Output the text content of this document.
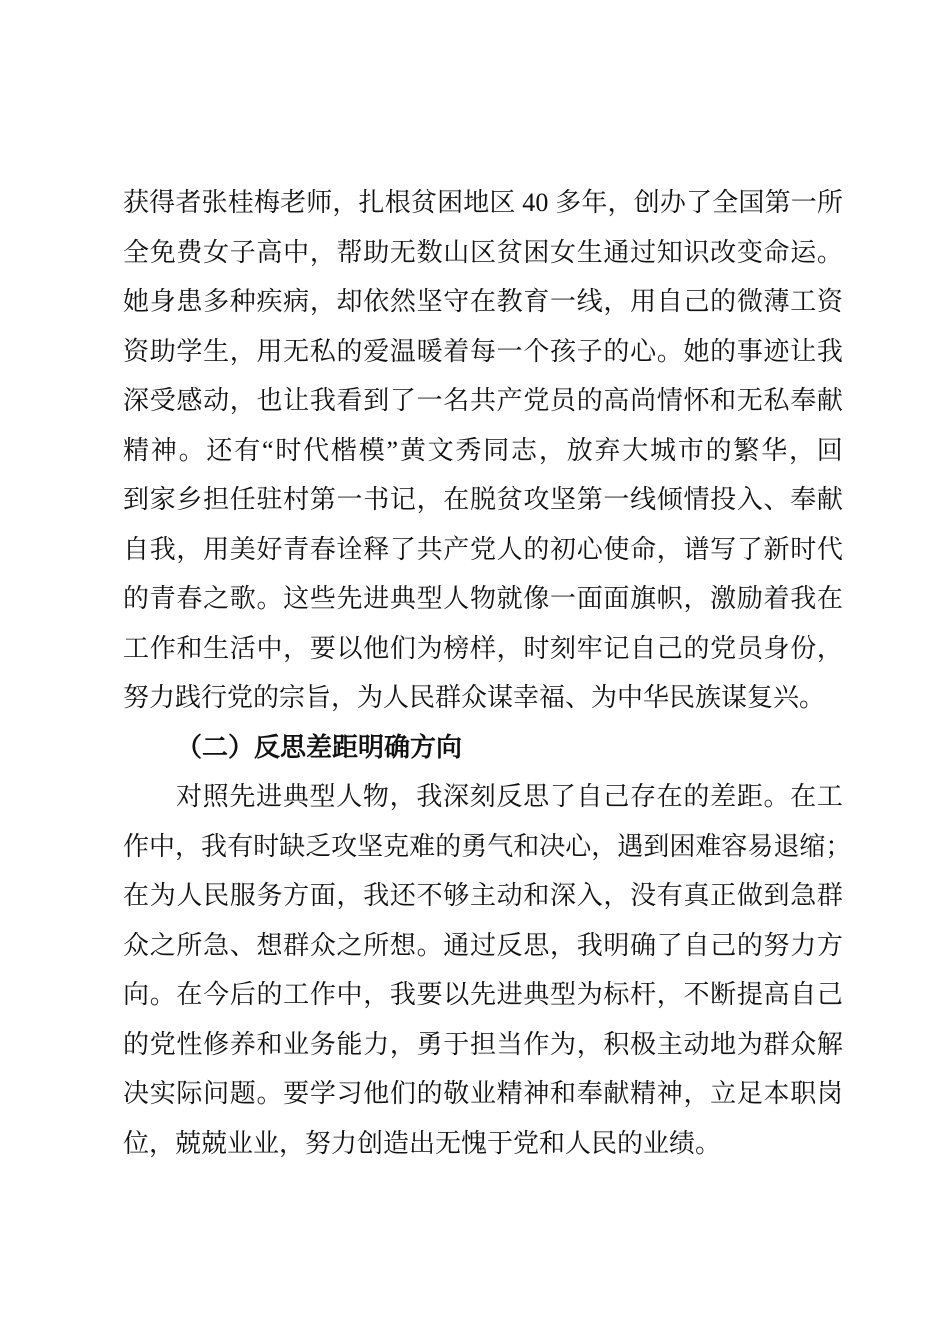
获 得 者 张 桂 梅 老 师 ， 扎 根 贫 困 地 区
4 0
多 年 ， 创 办 了 全 国 第 一 所
全 免 费 女 子 高 中 ， 帮 助 无 数 山 区 贫 困 女 生 通 过 知 识 改 变 命 运 。
她 身 患 多 种 疾 病 ， 却 依 然 坚 守 在 教 育 一 线 ， 用 自 己 的 微 薄 工 资
资 助 学 生 ， 用 无 私 的 爱 温 暖 着 每 一 个 孩 子 的 心 。 她 的 事 迹 让 我
深 受 感 动 ， 也 让 我 看 到 了 一 名 共 产 党 员 的 高 尚 情 怀 和 无 私 奉 献
精 神 。 还 有 “ 时 代 楷 模 ” 黄 文 秀 同 志 ， 放 弃 大 城 市 的 繁 华 ， 回
到 家 乡 担 任 驻 村 第 一 书 记 ， 在 脱 贫 攻 坚 第 一 线 倾 情 投 入 、 奉 献
自 我 ， 用 美 好 青 春 诠 释 了 共 产 党 人 的 初 心 使 命 ， 谱 写 了 新 时 代
的 青 春 之 歌 。 这 些 先 进 典 型 人 物 就 像 一 面 面 旗 帜 ， 激 励 着 我 在
工 作 和 生 活 中 ， 要 以 他 们 为 榜 样 ， 时 刻 牢 记 自 己 的 党 员 身 份 ，
努力践行党的宗旨，为人民群众谋幸福、为中华民族谋复兴。
（二）反思差距明确方向
对 照 先 进 典 型 人 物 ， 我 深 刻 反 思 了 自 己 存 在 的 差 距 。 在 工
作 中 ， 我 有 时 缺 乏 攻 坚 克 难 的 勇 气 和 决 心 ， 遇 到 困 难 容 易 退 缩 ；
在 为 人 民 服 务 方 面 ， 我 还 不 够 主 动 和 深 入 ， 没 有 真 正 做 到 急 群
众 之 所 急 、 想 群 众 之 所 想 。 通 过 反 思 ， 我 明 确 了 自 己 的 努 力 方
向 。 在 今 后 的 工 作 中 ， 我 要 以 先 进 典 型 为 标 杆 ， 不 断 提 高 自 己
的 党 性 修 养 和 业 务 能 力 ， 勇 于 担 当 作 为 ， 积 极 主 动 地 为 群 众 解
决 实 际 问 题 。 要 学 习 他 们 的 敬 业 精 神 和 奉 献 精 神 ， 立 足 本 职 岗
位，兢兢业业，努力创造出无愧于党和人民的业绩。
